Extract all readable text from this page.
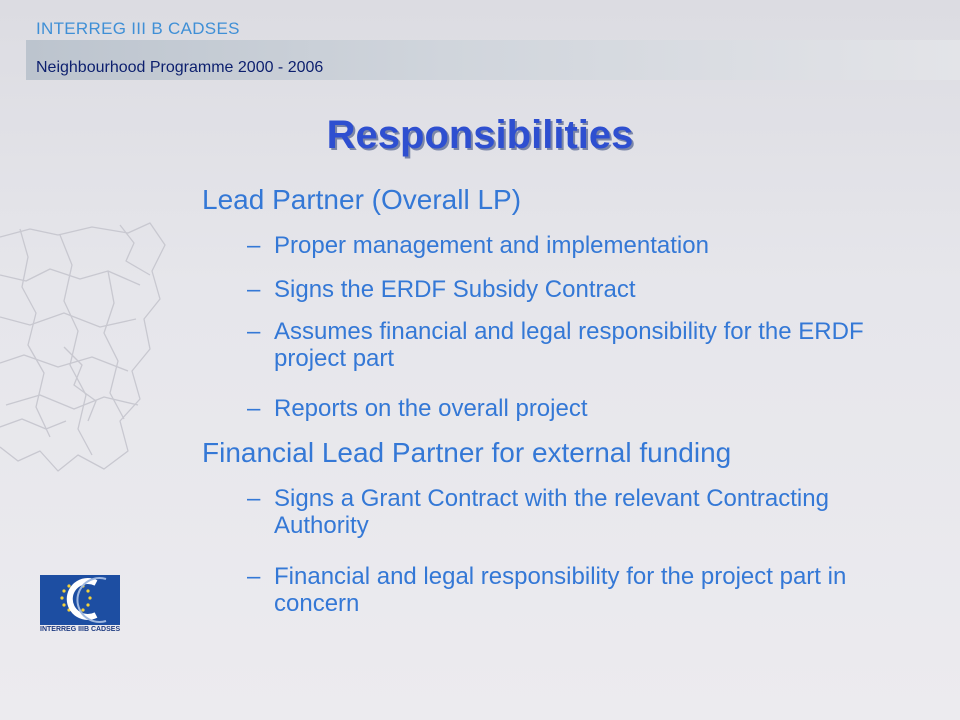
INTERREG III B CADSES
Neighbourhood Programme 2000 - 2006
Responsibilities
Lead Partner (Overall LP)
– Proper management and implementation
– Signs the ERDF Subsidy Contract
– Assumes financial and legal responsibility for the ERDF project part
– Reports on the overall project
Financial Lead Partner for external funding
– Signs a Grant Contract with the relevant Contracting Authority
– Financial and legal responsibility for the project part in concern
INTERREG IIIB CADSES
